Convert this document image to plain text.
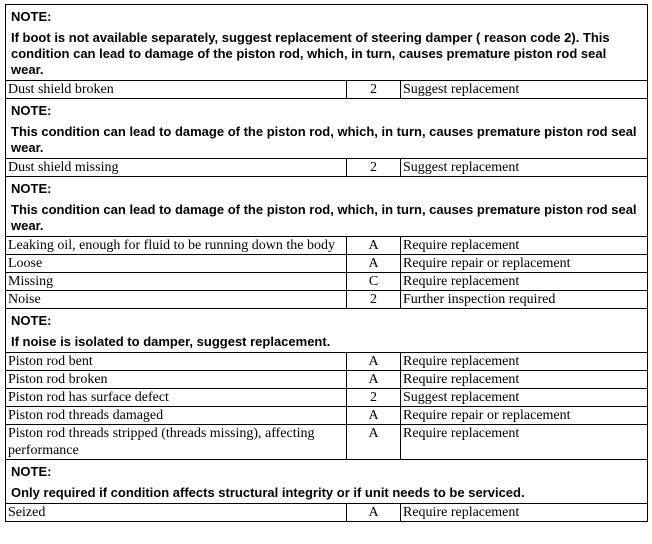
NOTE:
If boot is not available separately, suggest replacement of steering damper ( reason code 2). This condition can lead to damage of the piston rod, which, in turn, causes premature piston rod seal wear.		

Dust shield broken	2	Suggest replacement

NOTE:
This condition can lead to damage of the piston rod, which, in turn, causes premature piston rod seal wear.		

Dust shield missing	2	Suggest replacement

NOTE:
This condition can lead to damage of the piston rod, which, in turn, causes premature piston rod seal wear.		

Leaking oil, enough for fluid to be running down the body	A	Require replacement
Loose	A	Require repair or replacement
Missing	C	Require replacement
Noise	2	Further inspection required

NOTE:
If noise is isolated to damper, suggest replacement.		

Piston rod bent	A	Require replacement
Piston rod broken	A	Require replacement
Piston rod has surface defect	2	Suggest replacement
Piston rod threads damaged	A	Require repair or replacement
Piston rod threads stripped (threads missing), affecting performance	A	Require replacement

NOTE:
Only required if condition affects structural integrity or if unit needs to be serviced.		

Seized	A	Require replacement
